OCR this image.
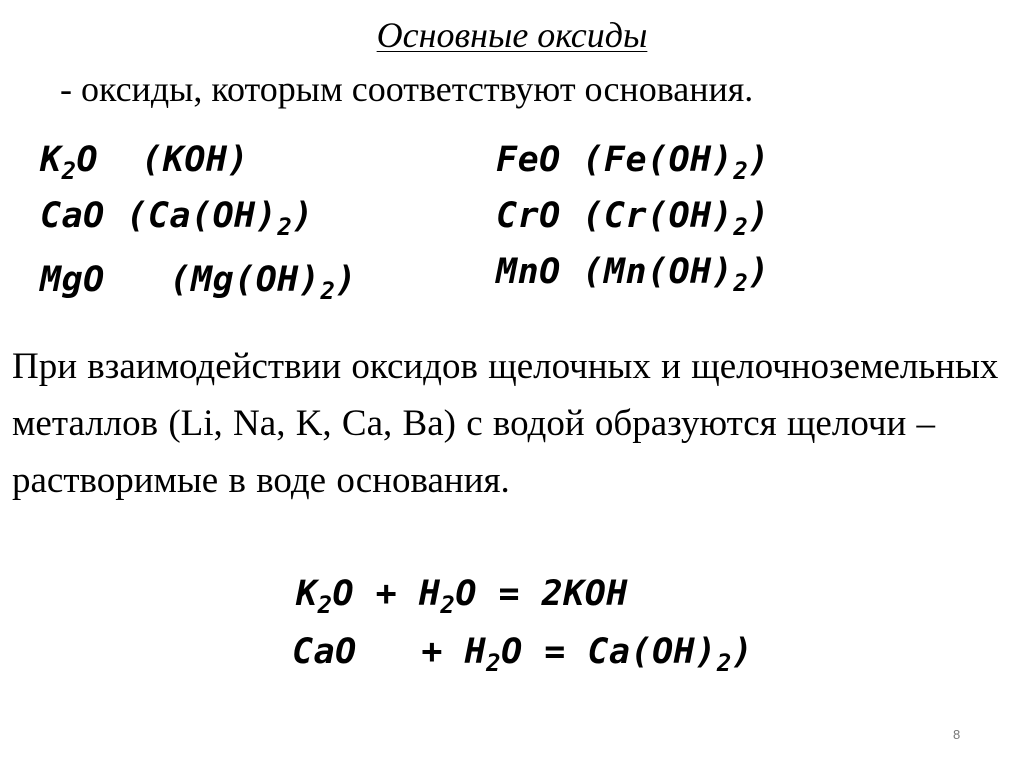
Основные оксиды
- оксиды, которым соответствуют основания.
$K_2O$ (KOH)
CaO $(Ca(OH)_2)$
MgO $(Mg(OH)_2)$
FeO $(Fe(OH)_2)$
CrO $(Cr(OH)_2)$
MnO $(Mn(OH)_2)$

При взаимодействии оксидов щелочных и щелочноземельных металлов (Li, Na, K, Ca, Ba) с водой образуются щелочи – растворимые в воде основания.

$K_2O + H_2O = 2KOH$
CaO   + $H_2O = Ca(OH)_2$)
8
